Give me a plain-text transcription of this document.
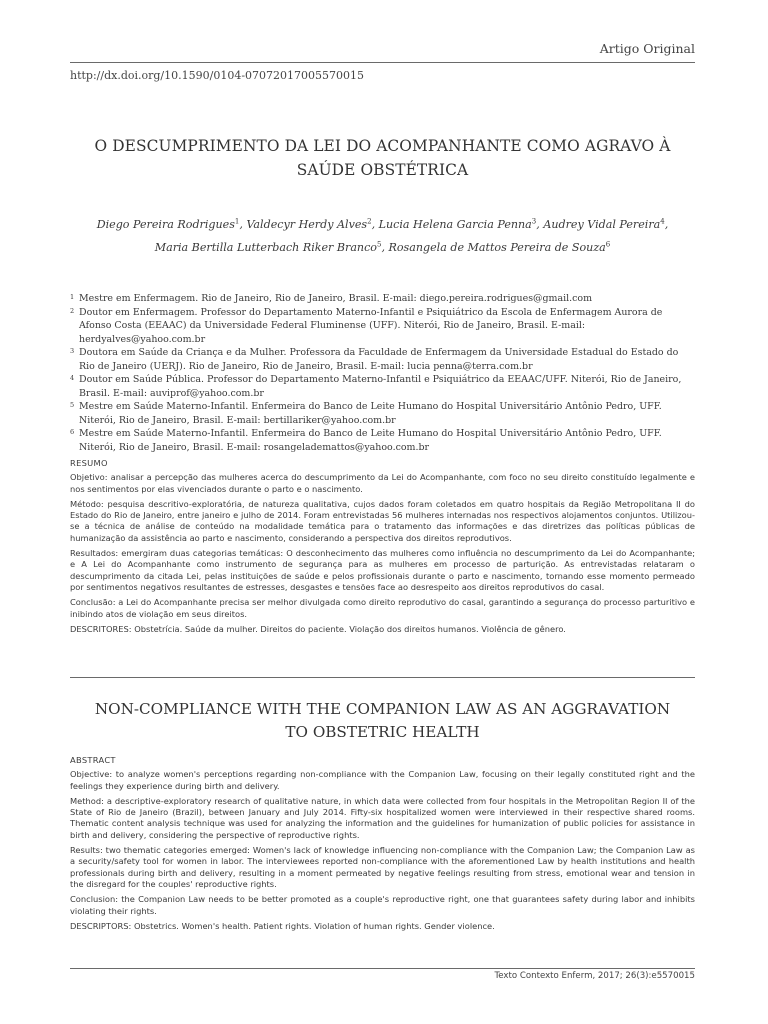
Artigo Original
http://dx.doi.org/10.1590/0104-07072017005570015
O DESCUMPRIMENTO DA LEI DO ACOMPANHANTE COMO AGRAVO À
SAÚDE OBSTÉTRICA
Diego Pereira Rodrigues$^1$, Valdecyr Herdy Alves$^2$, Lucia Helena Garcia Penna$^3$, Audrey Vidal Pereira$^4$, Maria Bertilla Lutterbach Riker Branco$^5$, Rosangela de Mattos Pereira de Souza$^6$
1 Mestre em Enfermagem. Rio de Janeiro, Rio de Janeiro, Brasil. E-mail: diego.pereira.rodrigues@gmail.com
2 Doutor em Enfermagem. Professor do Departamento Materno-Infantil e Psiquiátrico da Escola de Enfermagem Aurora de Afonso Costa (EEAAC) da Universidade Federal Fluminense (UFF). Niterói, Rio de Janeiro, Brasil. E-mail: herdyalves@yahoo.com.br
3 Doutora em Saúde da Criança e da Mulher. Professora da Faculdade de Enfermagem da Universidade Estadual do Estado do Rio de Janeiro (UERJ). Rio de Janeiro, Rio de Janeiro, Brasil. E-mail: lucia penna@terra.com.br
4 Doutor em Saúde Pública. Professor do Departamento Materno-Infantil e Psiquiátrico da EEAAC/UFF. Niterói, Rio de Janeiro, Brasil. E-mail: auviprof@yahoo.com.br
5 Mestre em Saúde Materno-Infantil. Enfermeira do Banco de Leite Humano do Hospital Universitário Antônio Pedro, UFF. Niterói, Rio de Janeiro, Brasil. E-mail: bertillariker@yahoo.com.br
6 Mestre em Saúde Materno-Infantil. Enfermeira do Banco de Leite Humano do Hospital Universitário Antônio Pedro, UFF. Niterói, Rio de Janeiro, Brasil. E-mail: rosangelademattos@yahoo.com.br

RESUMO

Objetivo: analisar a percepção das mulheres acerca do descumprimento da Lei do Acompanhante, com foco no seu direito constituído legalmente e nos sentimentos por elas vivenciados durante o parto e o nascimento.

Método: pesquisa descritivo-exploratória, de natureza qualitativa, cujos dados foram coletados em quatro hospitais da Região Metropolitana II do Estado do Rio de Janeiro, entre janeiro e julho de 2014. Foram entrevistadas 56 mulheres internadas nos respectivos alojamentos conjuntos. Utilizou-se a técnica de análise de conteúdo na modalidade temática para o tratamento das informações e das diretrizes das políticas públicas de humanização da assistência ao parto e nascimento, considerando a perspectiva dos direitos reprodutivos.

Resultados: emergiram duas categorias temáticas: O desconhecimento das mulheres como influência no descumprimento da Lei do Acompanhante; e A Lei do Acompanhante como instrumento de segurança para as mulheres em processo de parturição. As entrevistadas relataram o descumprimento da citada Lei, pelas instituições de saúde e pelos profissionais durante o parto e nascimento, tornando esse momento permeado por sentimentos negativos resultantes de estresses, desgastes e tensões face ao desrespeito aos direitos reprodutivos do casal.

Conclusão: a Lei do Acompanhante precisa ser melhor divulgada como direito reprodutivo do casal, garantindo a segurança do processo parturitivo e inibindo atos de violação em seus direitos.

DESCRITORES: Obstetrícia. Saúde da mulher. Direitos do paciente. Violação dos direitos humanos. Violência de gênero.

NON-COMPLIANCE WITH THE COMPANION LAW AS AN AGGRAVATION
TO OBSTETRIC HEALTH

ABSTRACT

Objective: to analyze women's perceptions regarding non-compliance with the Companion Law, focusing on their legally constituted right and the feelings they experience during birth and delivery.

Method: a descriptive-exploratory research of qualitative nature, in which data were collected from four hospitals in the Metropolitan Region II of the State of Rio de Janeiro (Brazil), between January and July 2014. Fifty-six hospitalized women were interviewed in their respective shared rooms. Thematic content analysis technique was used for analyzing the information and the guidelines for humanization of public policies for assistance in birth and delivery, considering the perspective of reproductive rights.

Results: two thematic categories emerged: Women's lack of knowledge influencing non-compliance with the Companion Law; the Companion Law as a security/safety tool for women in labor. The interviewees reported non-compliance with the aforementioned Law by health institutions and health professionals during birth and delivery, resulting in a moment permeated by negative feelings resulting from stress, emotional wear and tension in the disregard for the couples' reproductive rights.

Conclusion: the Companion Law needs to be better promoted as a couple's reproductive right, one that guarantees safety during labor and inhibits violating their rights.

DESCRIPTORS: Obstetrics. Women's health. Patient rights. Violation of human rights. Gender violence.

Texto Contexto Enferm, 2017; 26(3):e5570015
